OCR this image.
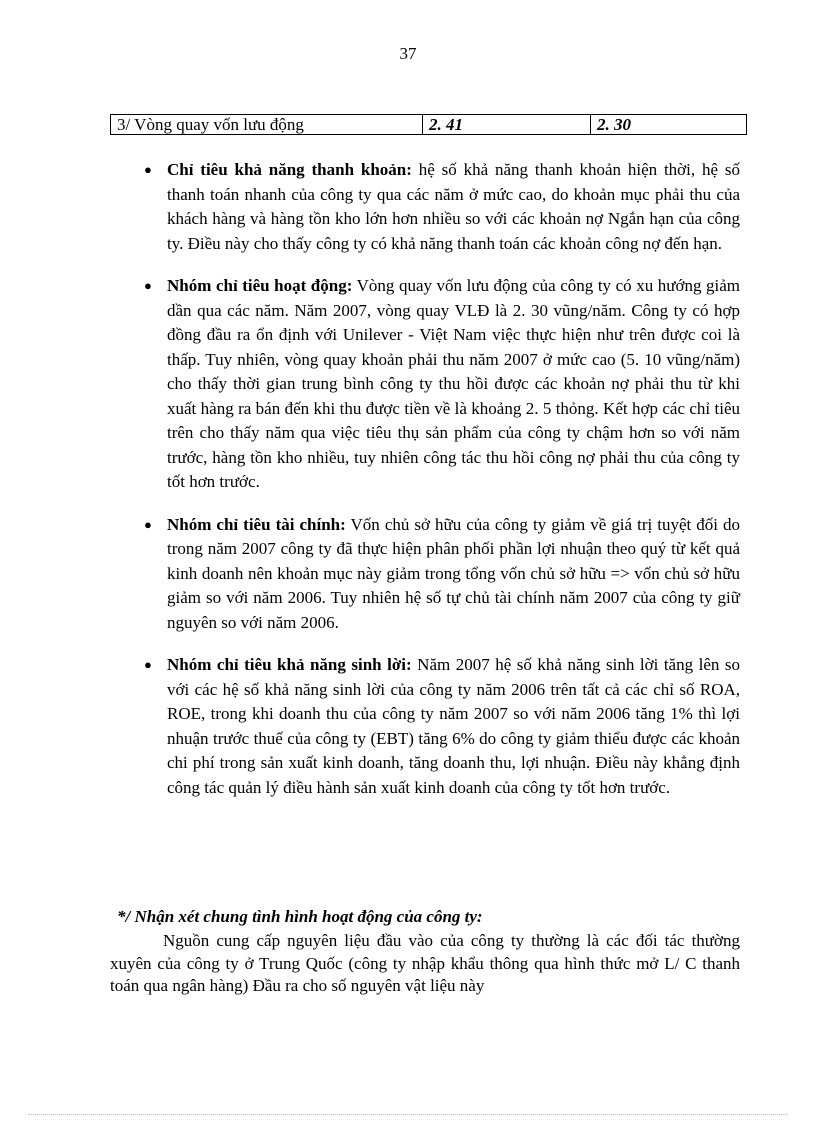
37
3/ Vòng quay vốn lưu động	2. 41	2. 30
● Chỉ tiêu khả năng thanh khoản: hệ số khả năng thanh khoản hiện thời, hệ số thanh toán nhanh của công ty qua các năm ở mức cao, do khoản mục phải thu của khách hàng và hàng tồn kho lớn hơn nhiều so với các khoản nợ Ngắn hạn của công ty. Điều này cho thấy công ty có khả năng thanh toán các khoản công nợ đến hạn.
● Nhóm chỉ tiêu hoạt động: Vòng quay vốn lưu động của công ty có xu hướng giảm dần qua các năm. Năm 2007, vòng quay VLĐ là 2. 30 vũng/năm. Công ty có hợp đồng đầu ra ổn định với Unilever - Việt Nam việc thực hiện như trên được coi là thấp. Tuy nhiên, vòng quay khoản phải thu năm 2007 ở mức cao (5. 10 vũng/năm) cho thấy thời gian trung bình công ty thu hồi được các khoản nợ phải thu từ khi xuất hàng ra bán đến khi thu được tiền về là khoảng 2. 5 thỏng. Kết hợp các chỉ tiêu trên cho thấy năm qua việc tiêu thụ sản phẩm của công ty chậm hơn so với năm trước, hàng tồn kho nhiều, tuy nhiên công tác thu hồi công nợ phải thu của công ty tốt hơn trước.
● Nhóm chỉ tiêu tài chính: Vốn chủ sở hữu của công ty giảm về giá trị tuyệt đối do trong năm 2007 công ty đã thực hiện phân phối phần lợi nhuận theo quý từ kết quả kinh doanh nên khoản mục này giảm trong tổng vốn chủ sở hữu => vốn chủ sở hữu giảm so với năm 2006. Tuy nhiên hệ số tự chủ tài chính năm 2007 của công ty giữ nguyên so với năm 2006.
● Nhóm chỉ tiêu khả năng sinh lời: Năm 2007 hệ số khả năng sinh lời tăng lên so với các hệ số khả năng sinh lời của công ty năm 2006 trên tất cả các chỉ số ROA, ROE, trong khi doanh thu của công ty năm 2007 so với năm 2006 tăng 1% thì lợi nhuận trước thuế của công ty (EBT) tăng 6% do công ty giảm thiểu được các khoản chi phí trong sản xuất kinh doanh, tăng doanh thu, lợi nhuận. Điều này khẳng định công tác quản lý điều hành sản xuất kinh doanh của công ty tốt hơn trước.
*/ Nhận xét chung tình hình hoạt động của công ty:

Nguồn cung cấp nguyên liệu đầu vào của công ty thường là các đối tác thường xuyên của công ty ở Trung Quốc (công ty nhập khẩu thông qua hình thức mở L/ C thanh toán qua ngân hàng) Đầu ra cho số nguyên vật liệu này
